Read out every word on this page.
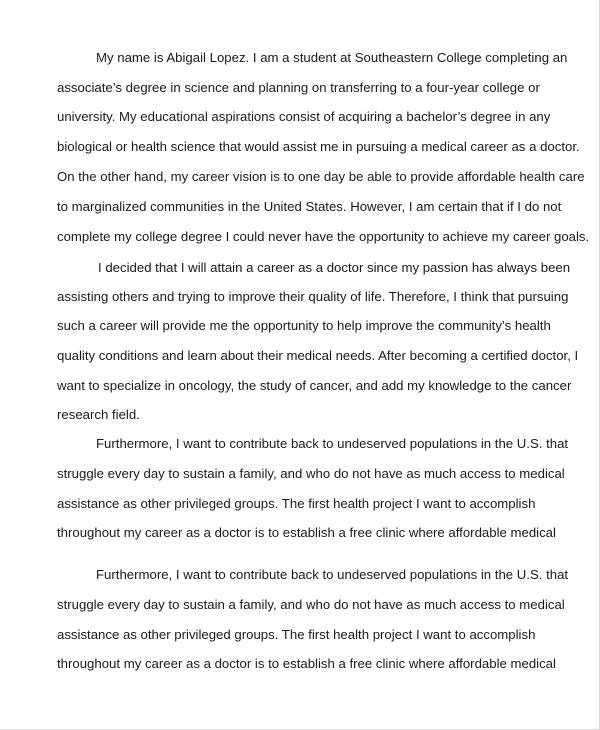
My name is Abigail Lopez. I am a student at Southeastern College completing an

associate’s degree in science and planning on transferring to a four-year college or

university. My educational aspirations consist of acquiring a bachelor’s degree in any

biological or health science that would assist me in pursuing a medical career as a doctor.

On the other hand, my career vision is to one day be able to provide affordable health care

to marginalized communities in the United States. However, I am certain that if I do not

complete my college degree I could never have the opportunity to achieve my career goals.

I decided that I will attain a career as a doctor since my passion has always been

assisting others and trying to improve their quality of life. Therefore, I think that pursuing

such a career will provide me the opportunity to help improve the community’s health

quality conditions and learn about their medical needs. After becoming a certified doctor, I

want to specialize in oncology, the study of cancer, and add my knowledge to the cancer

research field.

Furthermore, I want to contribute back to undeserved populations in the U.S. that

struggle every day to sustain a family, and who do not have as much access to medical

assistance as other privileged groups. The first health project I want to accomplish

throughout my career as a doctor is to establish a free clinic where affordable medical

Furthermore, I want to contribute back to undeserved populations in the U.S. that

struggle every day to sustain a family, and who do not have as much access to medical

assistance as other privileged groups. The first health project I want to accomplish

throughout my career as a doctor is to establish a free clinic where affordable medical
